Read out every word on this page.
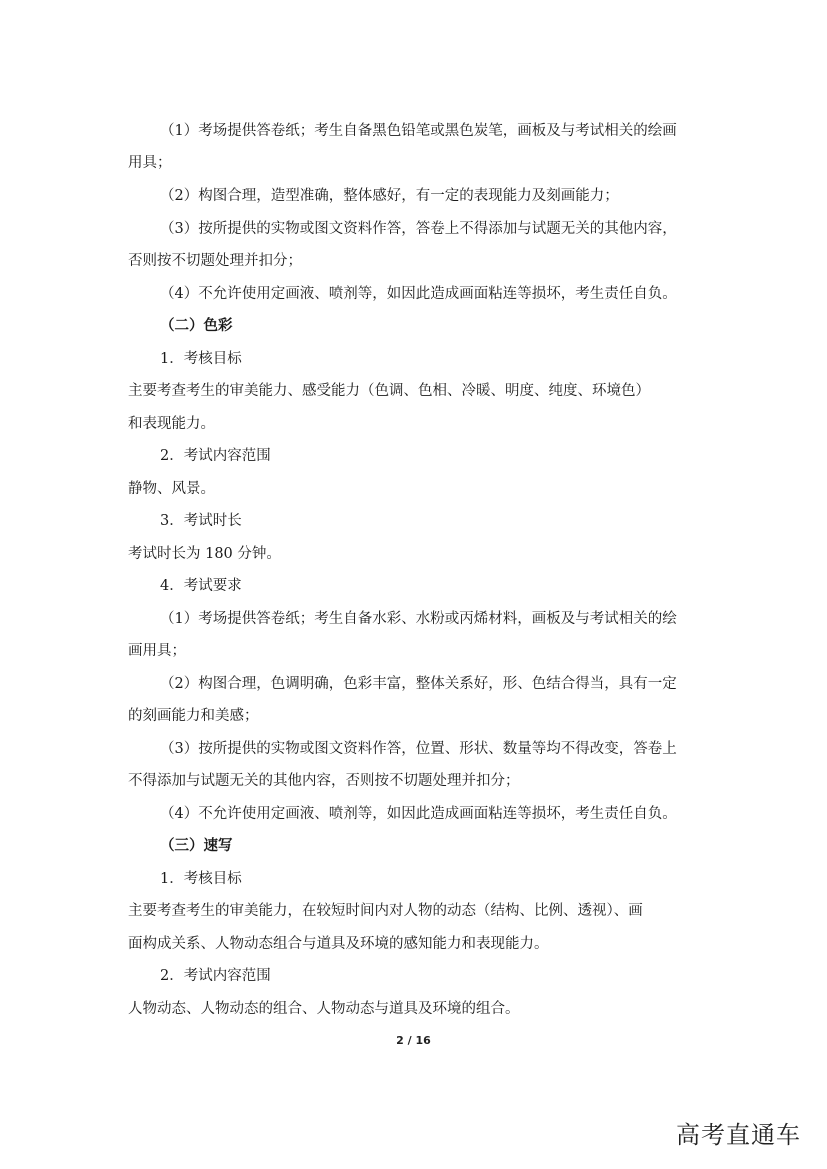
（1）考场提供答卷纸；考生自备黑色铅笔或黑色炭笔，画板及与考试相关的绘画
用具；
（2）构图合理，造型准确，整体感好，有一定的表现能力及刻画能力；
（3）按所提供的实物或图文资料作答，答卷上不得添加与试题无关的其他内容，
否则按不切题处理并扣分；
（4）不允许使用定画液、喷剂等，如因此造成画面粘连等损坏，考生责任自负。
（二）色彩
1．考核目标
主要考查考生的审美能力、感受能力（色调、色相、冷暖、明度、纯度、环境色）
和表现能力。
2．考试内容范围
静物、风景。
3．考试时长
考试时长为 180 分钟。
4．考试要求
（1）考场提供答卷纸；考生自备水彩、水粉或丙烯材料，画板及与考试相关的绘
画用具；
（2）构图合理，色调明确，色彩丰富，整体关系好，形、色结合得当，具有一定
的刻画能力和美感；
（3）按所提供的实物或图文资料作答，位置、形状、数量等均不得改变，答卷上
不得添加与试题无关的其他内容，否则按不切题处理并扣分；
（4）不允许使用定画液、喷剂等，如因此造成画面粘连等损坏，考生责任自负。
（三）速写
1．考核目标
主要考查考生的审美能力，在较短时间内对人物的动态（结构、比例、透视）、画
面构成关系、人物动态组合与道具及环境的感知能力和表现能力。
2．考试内容范围
人物动态、人物动态的组合、人物动态与道具及环境的组合。
2 / 16
高考直通车
